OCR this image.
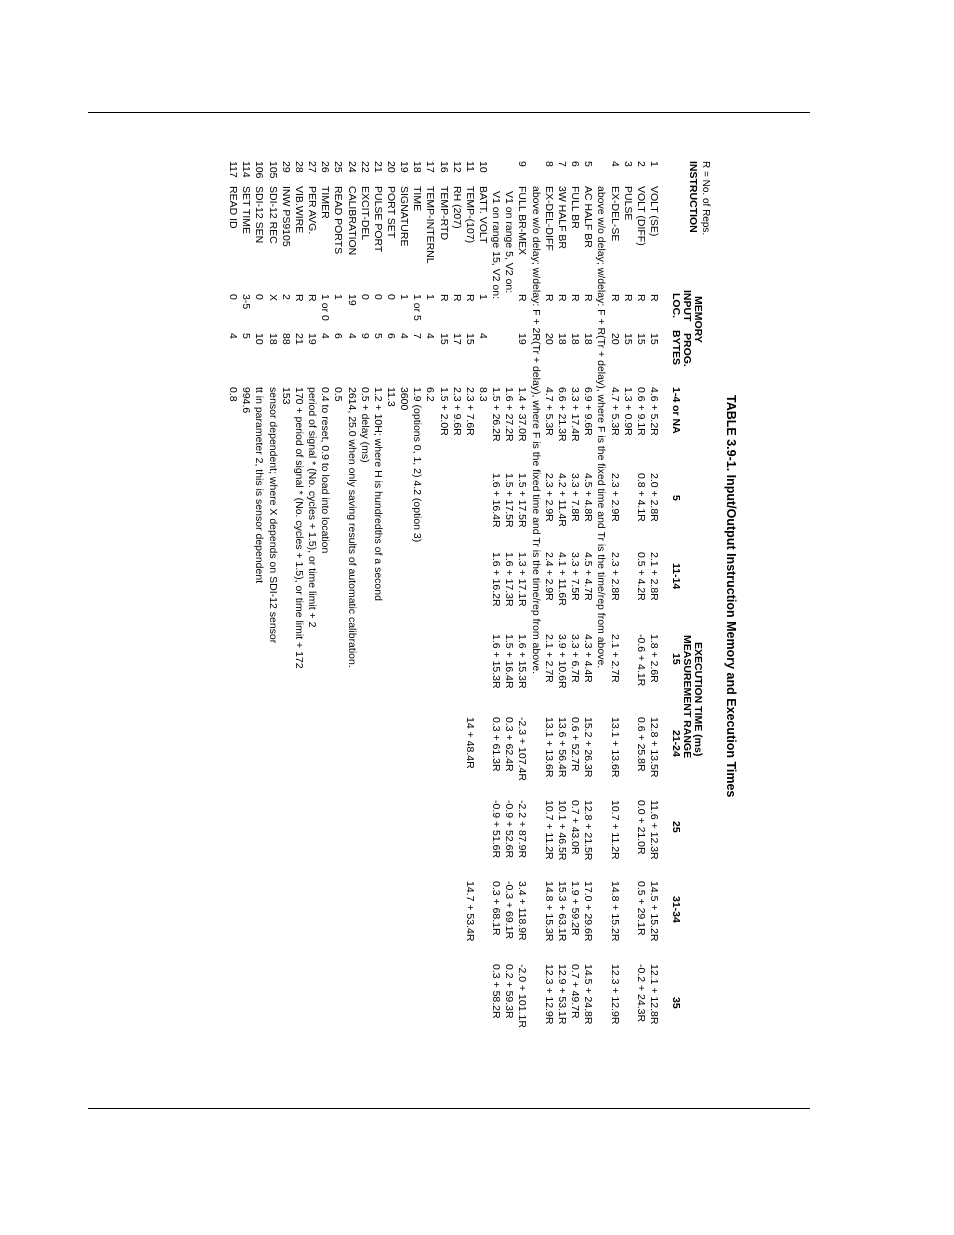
TABLE 3.9-1. Input/Output Instruction Memory and Execution Times
R = No. of Reps.
INSTRUCTION
MEMORY
INPUT
LOC.
PROG.
BYTES
EXECUTION TIME (ms)
MEASUREMENT RANGE
1-4 or NA
5
11-14
15
21-24
25
31-34
35
1
VOLT (SE)
R
15
4.6 + 5.2R
2.0 + 2.8R
2.1 + 2.8R
1.8 + 2.6R
12.8 + 13.5R
11.6 + 12.3R
14.5 + 15.2R
12.1 + 12.8R
2
VOLT (DIFF)
R
15
0.6 + 9.1R
0.8 + 4.1R
0.5 + 4.2R
-0.6 + 4.1R
0.6 + 25.8R
0.0 + 21.0R
0.5 + 29.1R
-0.2 + 24.3R
3
PULSE
R
15
1.3 + 0.9R
4
EX-DEL-SE
R
20
4.7 + 5.3R
2.3 + 2.9R
2.3 + 2.8R
2.1 + 2.7R
13.1 + 13.6R
10.7 + 11.2R
14.8 + 15.2R
12.3 + 12.9R
above w/o delay; w/delay: F + R(Tr + delay), where F is the fixed time and Tr is the time/rep from above.
5
AC HALF BR
R
18
6.9 + 9.6R
4.5 + 4.8R
4.5 + 4.7R
4.3 + 4.4R
15.2 + 26.3R
12.8 + 21.5R
17.0 + 29.6R
14.5 + 24.8R
6
FULL BR
R
18
3.3 + 17.4R
3.3 + 7.8R
3.3 + 7.5R
3.3 + 6.7R
0.6 + 52.7R
0.7 + 43.0R
1.9 + 59.2R
0.7 + 49.7R
7
3W HALF BR
R
18
6.6 + 21.3R
4.2 + 11.4R
4.1 + 11.6R
3.9 + 10.6R
13.6 + 56.4R
10.1 + 46.5R
15.3 + 63.1R
12.9 + 53.1R
8
EX-DEL-DIFF
R
20
4.7 + 5.3R
2.3 + 2.9R
2.4 + 2.9R
2.1 + 2.7R
13.1 + 13.6R
10.7 + 11.2R
14.8 + 15.3R
12.3 + 12.9R
above w/o delay; w/delay: F + 2R(Tr + delay), where F is the fixed time and Tr is the time/rep from above.
9
FULL BR-MEX
R
19
1.4 + 37.0R
1.5 + 17.5R
1.3 + 17.1R
1.6 + 15.3R
-2.3 + 107.4R
-2.2 + 87.9R
3.4 + 118.9R
-2.0 + 101.1R
V1 on range 5, V2 on:
1.6 + 27.2R
1.5 + 17.5R
1.6 + 17.3R
1.5 + 16.4R
0.3 + 62.4R
-0.9 + 52.6R
-0.3 + 69.1R
0.2 + 59.3R
V1 on range 15, V2 on:
1.5 + 26.2R
1.6 + 16.4R
1.6 + 16.2R
1.6 + 15.3R
0.3 + 61.3R
-0.9 + 51.6R
0.3 + 68.1R
0.3 + 58.2R
10
BATT. VOLT
1
4
8.3
11
TEMP-(107)
R
15
2.3 + 7.6R
14 + 48.4R
14.7 + 53.4R
12
RH (207)
R
17
2.3 + 9.6R
16
TEMP-RTD
R
15
1.5 + 2.0R
17
TEMP-INTERNL
1
4
6.2
18
TIME
1 or 5
7
1.9 (options 0, 1, 2) 4.2 (option 3)
19
SIGNATURE
1
4
3600
20
PORT SET
0
6
11.3
21
PULSE PORT
0
5
1.2 + 10H; where H is hundredths of a second
22
EXCIT-DEL
0
9
0.5 + delay (ms)
24
CALIBRATION
19
4
2614, 25.0 when only saving results of automatic calibration.
25
READ PORTS
1
6
0.5
26
TIMER
1 or 0
4
0.4 to reset, 0.9 to load into location
27
PER AVG.
R
19
period of signal * (No. cycles + 1.5), or time limit + 2
28
VIB.WIRE
R
21
170 + period of signal * (No. cycles + 1.5), or time limit + 172
29
INW PS9105
2
88
153
105
SDI-12 REC
X
18
sensor dependent; where X depends on SDI-12 sensor
106
SDI-12 SEN
0
10
tt in parameter 2, this is sensor dependent
114
SET TIME
3-5
5
994.6
117
READ ID
0
4
0.8
